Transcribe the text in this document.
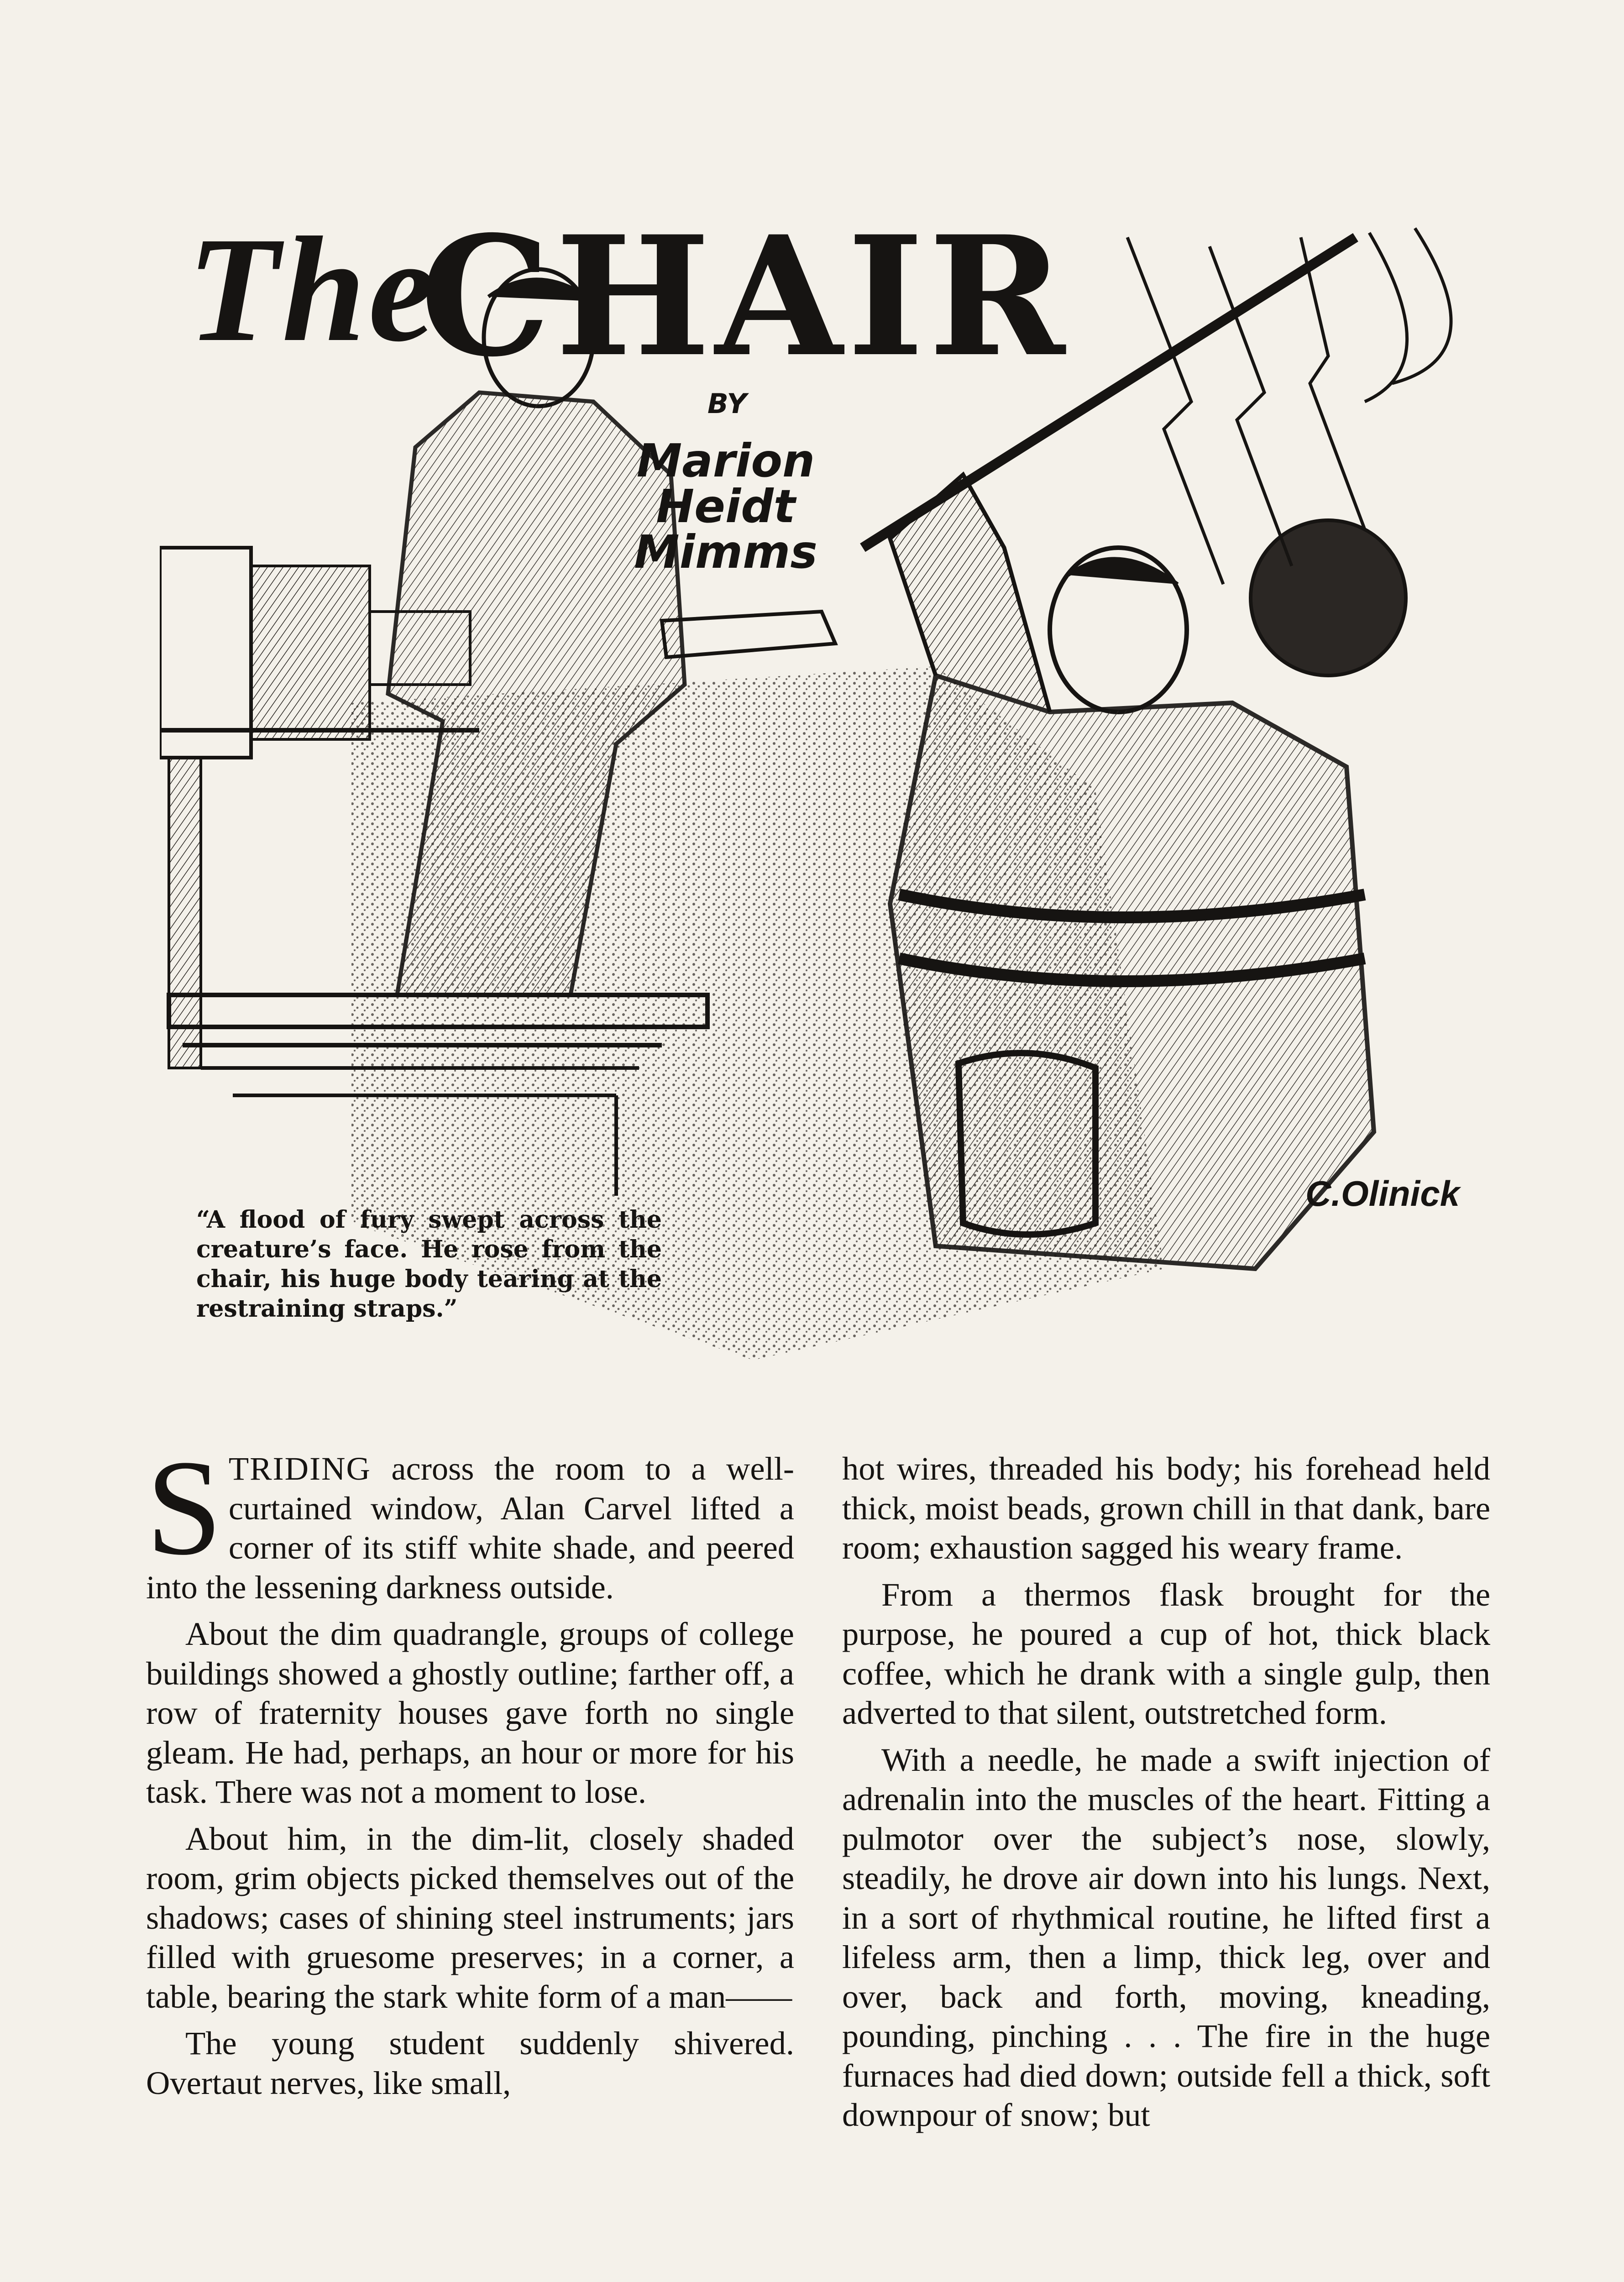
The
CHAIR
BY
Marion
Heidt
Mimms
“A flood of fury swept across the creature’s face. He rose from the chair, his huge body tearing at the restraining straps.”
C.Olinick

STRIDING across the room to a well-curtained window, Alan Carvel lifted a corner of its stiff white shade, and peered into the lessening darkness outside.

About the dim quadrangle, groups of college buildings showed a ghostly outline; farther off, a row of fraternity houses gave forth no single gleam. He had, perhaps, an hour or more for his task. There was not a moment to lose.

About him, in the dim-lit, closely shaded room, grim objects picked themselves out of the shadows; cases of shining steel instruments; jars filled with gruesome preserves; in a corner, a table, bearing the stark white form of a man——

The young student suddenly shivered. Overtaut nerves, like small,

hot wires, threaded his body; his forehead held thick, moist beads, grown chill in that dank, bare room; exhaustion sagged his weary frame.

From a thermos flask brought for the purpose, he poured a cup of hot, thick black coffee, which he drank with a single gulp, then adverted to that silent, outstretched form.

With a needle, he made a swift injection of adrenalin into the muscles of the heart. Fitting a pulmotor over the subject’s nose, slowly, steadily, he drove air down into his lungs. Next, in a sort of rhythmical routine, he lifted first a lifeless arm, then a limp, thick leg, over and over, back and forth, moving, kneading, pounding, pinching . . . The fire in the huge furnaces had died down; outside fell a thick, soft downpour of snow; but
